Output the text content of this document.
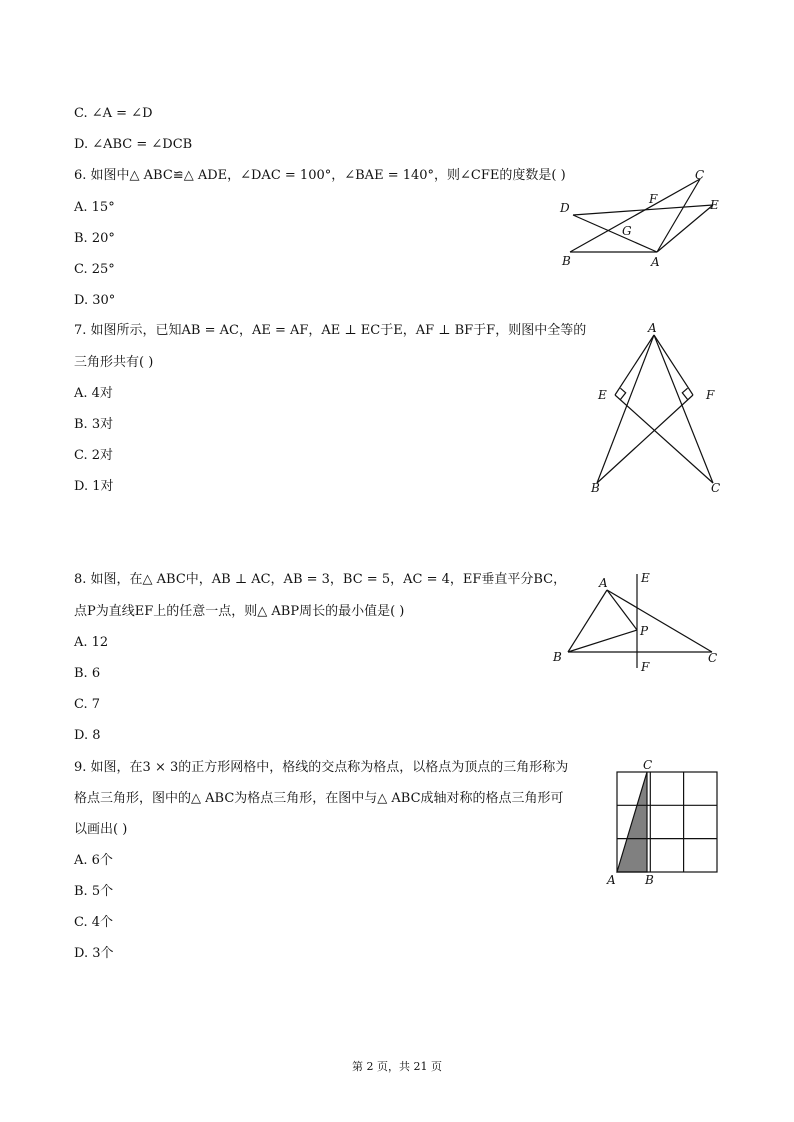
C. ∠A = ∠D
D. ∠ABC = ∠DCB
6. 如图中△ ABC≌△ ADE，∠DAC = 100°，∠BAE = 140°，则∠CFE的度数是( )
A. 15°
B. 20°
C. 25°
D. 30°
C
F
D	E
G
B	A
7. 如图所示，已知AB = AC，AE = AF，AE ⊥ EC于E，AF ⊥ BF于F，则图中全等的
三角形共有( )
A. 4对
B. 3对
C. 2对
D. 1对
A
E	F
B	C
8. 如图，在△ ABC中，AB ⊥ AC，AB = 3，BC = 5，AC = 4，EF垂直平分BC，
点P为直线EF上的任意一点，则△ ABP周长的最小值是( )
A. 12
B. 6
C. 7
D. 8
A	E
P
B	C
F
9. 如图，在3 × 3的正方形网格中，格线的交点称为格点，以格点为顶点的三角形称为
格点三角形，图中的△ ABC为格点三角形，在图中与△ ABC成轴对称的格点三角形可
以画出( )
A. 6个
B. 5个
C. 4个
D. 3个
C
A B
第 2 页，共 21 页
